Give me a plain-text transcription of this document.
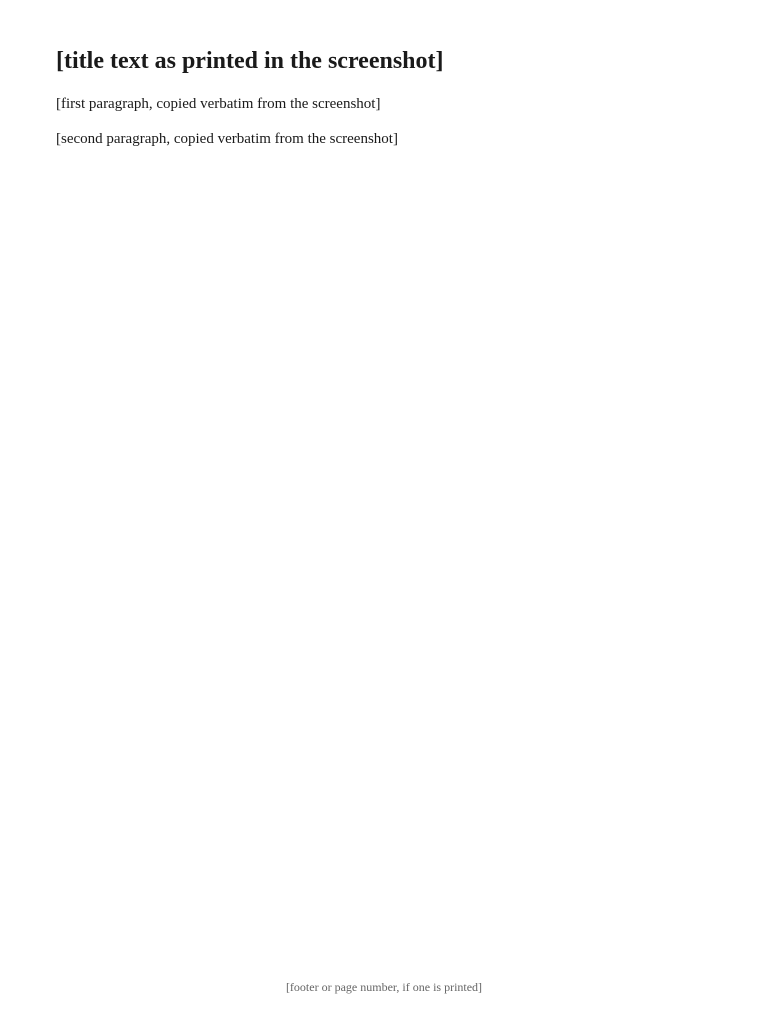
[title text as printed in the screenshot]

[first paragraph, copied verbatim from the screenshot]

[second paragraph, copied verbatim from the screenshot]

[footer or page number, if one is printed]
